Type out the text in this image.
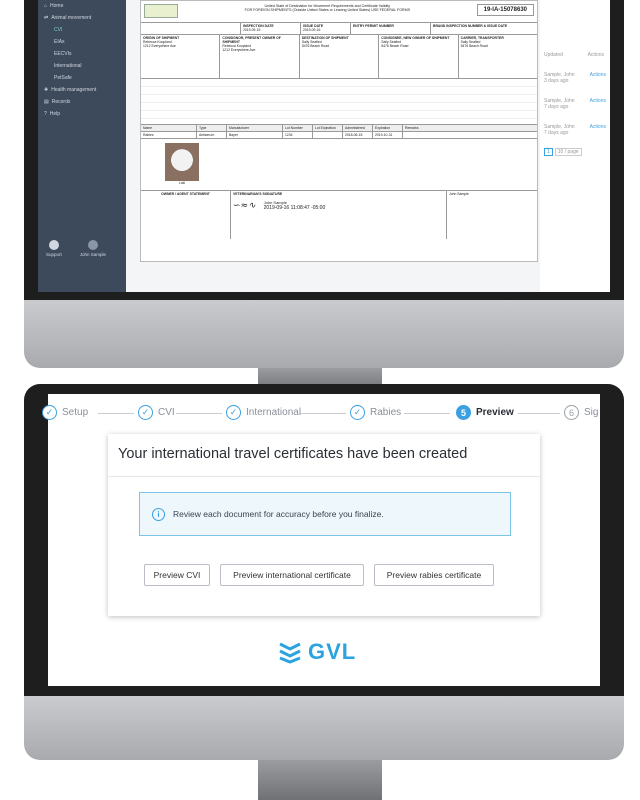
⌂ Home
⇄ Animal movement
CVI
EIAs
EECVIs
International
PetSafe
✚ Health management
▤ Records
? Help
Support	John Sample
United State of Destination for Movement Requirements and Certificate Validity
FOR FOREIGN SHIPMENTS (Outside United States or Leaving United States) USE FEDERAL FORMS	19-IA-15078630
INSPECTION DATE
2019-09-15
ISSUE DATE
2019-09-16
ENTRY PERMIT NUMBER	BRAND INSPECTION NUMBER & ISSUE DATE
ORIGIN OF SHIPMENT
Rebecca Koopland
1212 Everywhere Ave
CONSIGNOR, PRESENT OWNER OF SHIPMENT
Rebecca Koopland
1212 Everywhere Ave
DESTINATION OF SHIPMENT
Sally Seafied
5476 Beach Road
CONSIGNEE, NEW OWNER OF SHIPMENT
Sally Seafied
5476 Beach Road
CARRIER, TRANSPORTER
Sally Seafied
5476 Beach Road
Name	Type	Manufacturer	Lot Number	Lot Expiration	Administered	Expiration	Remarks
Rabies	Antiserum	Bayer	1234	2018-06-15	2019-10-31
Loki
OWNER / AGENT STATEMENT	VETERINARIAN'S SIGNATURE
∽≈∿ John Sample
2019-09-16 11:08:47 -05:00
John Sample
Updated	Actions
Sample, John	Actions
3 days ago
Sample, John	Actions
7 days ago
Sample, John	Actions
7 days ago
1	10 / page
✓ Setup	✓ CVI	✓ International	✓ Rabies	5	Preview	6	Sig
Your international travel certificates have been created
i	Review each document for accuracy before you finalize.
Preview CVI	Preview international certificate	Preview rabies certificate
GVL
